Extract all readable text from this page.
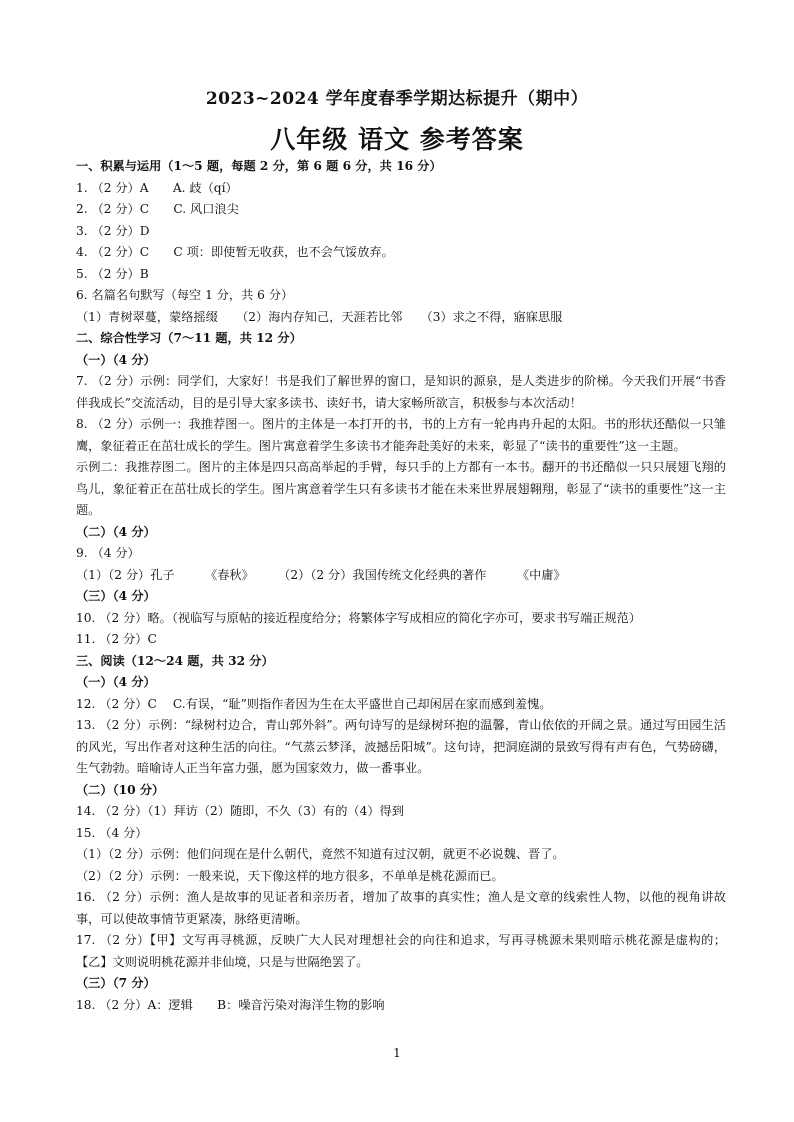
2023~2024 学年度春季学期达标提升（期中）
八年级 语文 参考答案
一、积累与运用（1～5 题，每题 2 分，第 6 题 6 分，共 16 分）
1. （2 分）A　　A. 歧（qí）
2. （2 分）C　　C. 风口浪尖
3. （2 分）D
4. （2 分）C　　C 项：即使暂无收获，也不会气馁放弃。
5. （2 分）B
6. 名篇名句默写（每空 1 分，共 6 分）
（1）青树翠蔓，蒙络摇缀　　（2）海内存知己，天涯若比邻　　（3）求之不得，寤寐思服
二、综合性学习（7～11 题，共 12 分）
（一）（4 分）
7. （2 分）示例：同学们，大家好！书是我们了解世界的窗口，是知识的源泉，是人类进步的阶梯。今天我们开展“书香伴我成长”交流活动，目的是引导大家多读书、读好书，请大家畅所欲言，积极参与本次活动！
8. （2 分）示例一：我推荐图一。图片的主体是一本打开的书，书的上方有一轮冉冉升起的太阳。书的形状还酷似一只雏鹰，象征着正在茁壮成长的学生。图片寓意着学生多读书才能奔赴美好的未来，彰显了“读书的重要性”这一主题。
示例二：我推荐图二。图片的主体是四只高高举起的手臂，每只手的上方都有一本书。翻开的书还酷似一只只展翅飞翔的鸟儿，象征着正在茁壮成长的学生。图片寓意着学生只有多读书才能在未来世界展翅翱翔，彰显了“读书的重要性”这一主题。
（二）（4 分）
9. （4 分）
（1）（2 分）孔子　　　《春秋》　　　（2）（2 分）我国传统文化经典的著作　　　《中庸》
（三）（4 分）
10. （2 分）略。（视临写与原帖的接近程度给分；将繁体字写成相应的简化字亦可，要求书写端正规范）
11. （2 分）C
三、阅读（12～24 题，共 32 分）
（一）（4 分）
12. （2 分）C　 C.有误，“耻”则指作者因为生在太平盛世自己却闲居在家而感到羞愧。
13. （2 分）示例：“绿树村边合，青山郭外斜”。两句诗写的是绿树环抱的温馨，青山依依的开阔之景。通过写田园生活的风光，写出作者对这种生活的向往。“气蒸云梦泽，波撼岳阳城”。这句诗，把洞庭湖的景致写得有声有色，气势磅礴，生气勃勃。暗喻诗人正当年富力强，愿为国家效力，做一番事业。
（二）（10 分）
14. （2 分）（1）拜访（2）随即，不久（3）有的（4）得到
15. （4 分）
（1）（2 分）示例：他们问现在是什么朝代，竟然不知道有过汉朝，就更不必说魏、晋了。
（2）（2 分）示例：一般来说，天下像这样的地方很多，不单单是桃花源而已。
16. （2 分）示例：渔人是故事的见证者和亲历者，增加了故事的真实性；渔人是文章的线索性人物，以他的视角讲故事，可以使故事情节更紧凑，脉络更清晰。
17. （2 分）【甲】文写再寻桃源，反映广大人民对理想社会的向往和追求，写再寻桃源未果则暗示桃花源是虚构的；【乙】文则说明桃花源并非仙境，只是与世隔绝罢了。
（三）（7 分）
18. （2 分）A：逻辑　　B：噪音污染对海洋生物的影响
1
